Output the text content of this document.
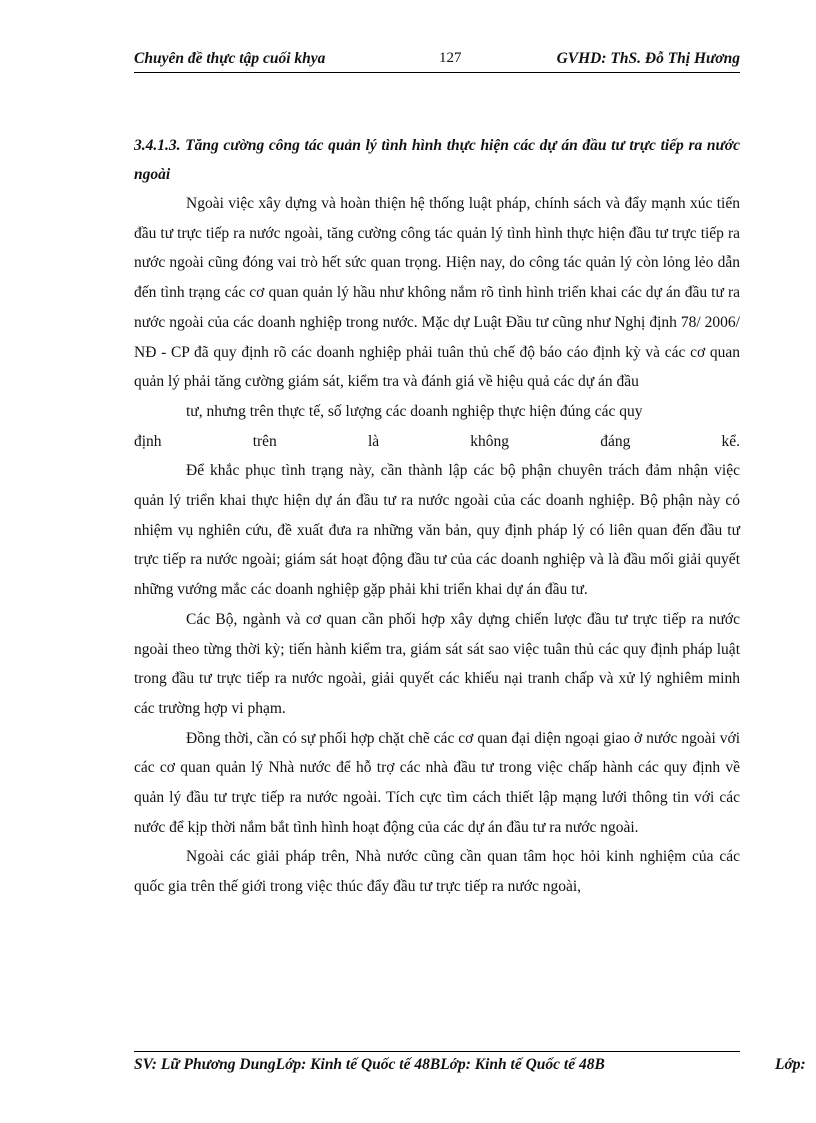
Chuyên đề thực tập cuối khya	127	GVHD: ThS. Đỗ Thị Hương

3.4.1.3. Tăng cường công tác quản lý tình hình thực hiện các dự án đầu tư trực tiếp ra nước ngoài

Ngoài việc xây dựng và hoàn thiện hệ thống luật pháp, chính sách và đẩy mạnh xúc tiến đầu tư trực tiếp ra nước ngoài, tăng cường công tác quản lý tình hình thực hiện đầu tư trực tiếp ra nước ngoài cũng đóng vai trò hết sức quan trọng. Hiện nay, do công tác quản lý còn lỏng lẻo dẫn đến tình trạng các cơ quan quản lý hầu như không nắm rõ tình hình triển khai các dự án đầu tư ra nước ngoài của các doanh nghiệp trong nước. Mặc dự Luật Đầu tư cũng như Nghị định 78/ 2006/ NĐ - CP đã quy định rõ các doanh nghiệp phải tuân thủ chế độ báo cáo định kỳ và các cơ quan quản lý phải tăng cường giám sát, kiểm tra và đánh giá về hiệu quả các dự án đầu

tư, nhưng trên thực tế, số lượng các doanh nghiệp thực hiện đúng các quy

định trên là không đáng kể.

Để khắc phục tình trạng này, cần thành lập các bộ phận chuyên trách đảm nhận việc quản lý triển khai thực hiện dự án đầu tư ra nước ngoài của các doanh nghiệp. Bộ phận này có nhiệm vụ nghiên cứu, đề xuất đưa ra những văn bản, quy định pháp lý có liên quan đến đầu tư trực tiếp ra nước ngoài; giám sát hoạt động đầu tư của các doanh nghiệp và là đầu mối giải quyết những vướng mắc các doanh nghiệp gặp phải khi triển khai dự án đầu tư.

Các Bộ, ngành và cơ quan cần phối hợp xây dựng chiến lược đầu tư trực tiếp ra nước ngoài theo từng thời kỳ; tiến hành kiểm tra, giám sát sát sao việc tuân thủ các quy định pháp luật trong đầu tư trực tiếp ra nước ngoài, giải quyết các khiếu nại tranh chấp và xử lý nghiêm minh các trường hợp vi phạm.

Đồng thời, cần có sự phối hợp chặt chẽ các cơ quan đại diện ngoại giao ở nước ngoài với các cơ quan quản lý Nhà nước để hỗ trợ các nhà đầu tư trong việc chấp hành các quy định về quản lý đầu tư trực tiếp ra nước ngoài. Tích cực tìm cách thiết lập mạng lưới thông tin với các nước để kịp thời nắm bắt tình hình hoạt động của các dự án đầu tư ra nước ngoài.

Ngoài các giải pháp trên, Nhà nước cũng cần quan tâm học hỏi kinh nghiệm của các quốc gia trên thế giới trong việc thúc đẩy đầu tư trực tiếp ra nước ngoài,

SV: Lữ Phương DungLớp: Kinh tế Quốc tế 48BLớp: Kinh tế Quốc tế 48B	Lớp:
